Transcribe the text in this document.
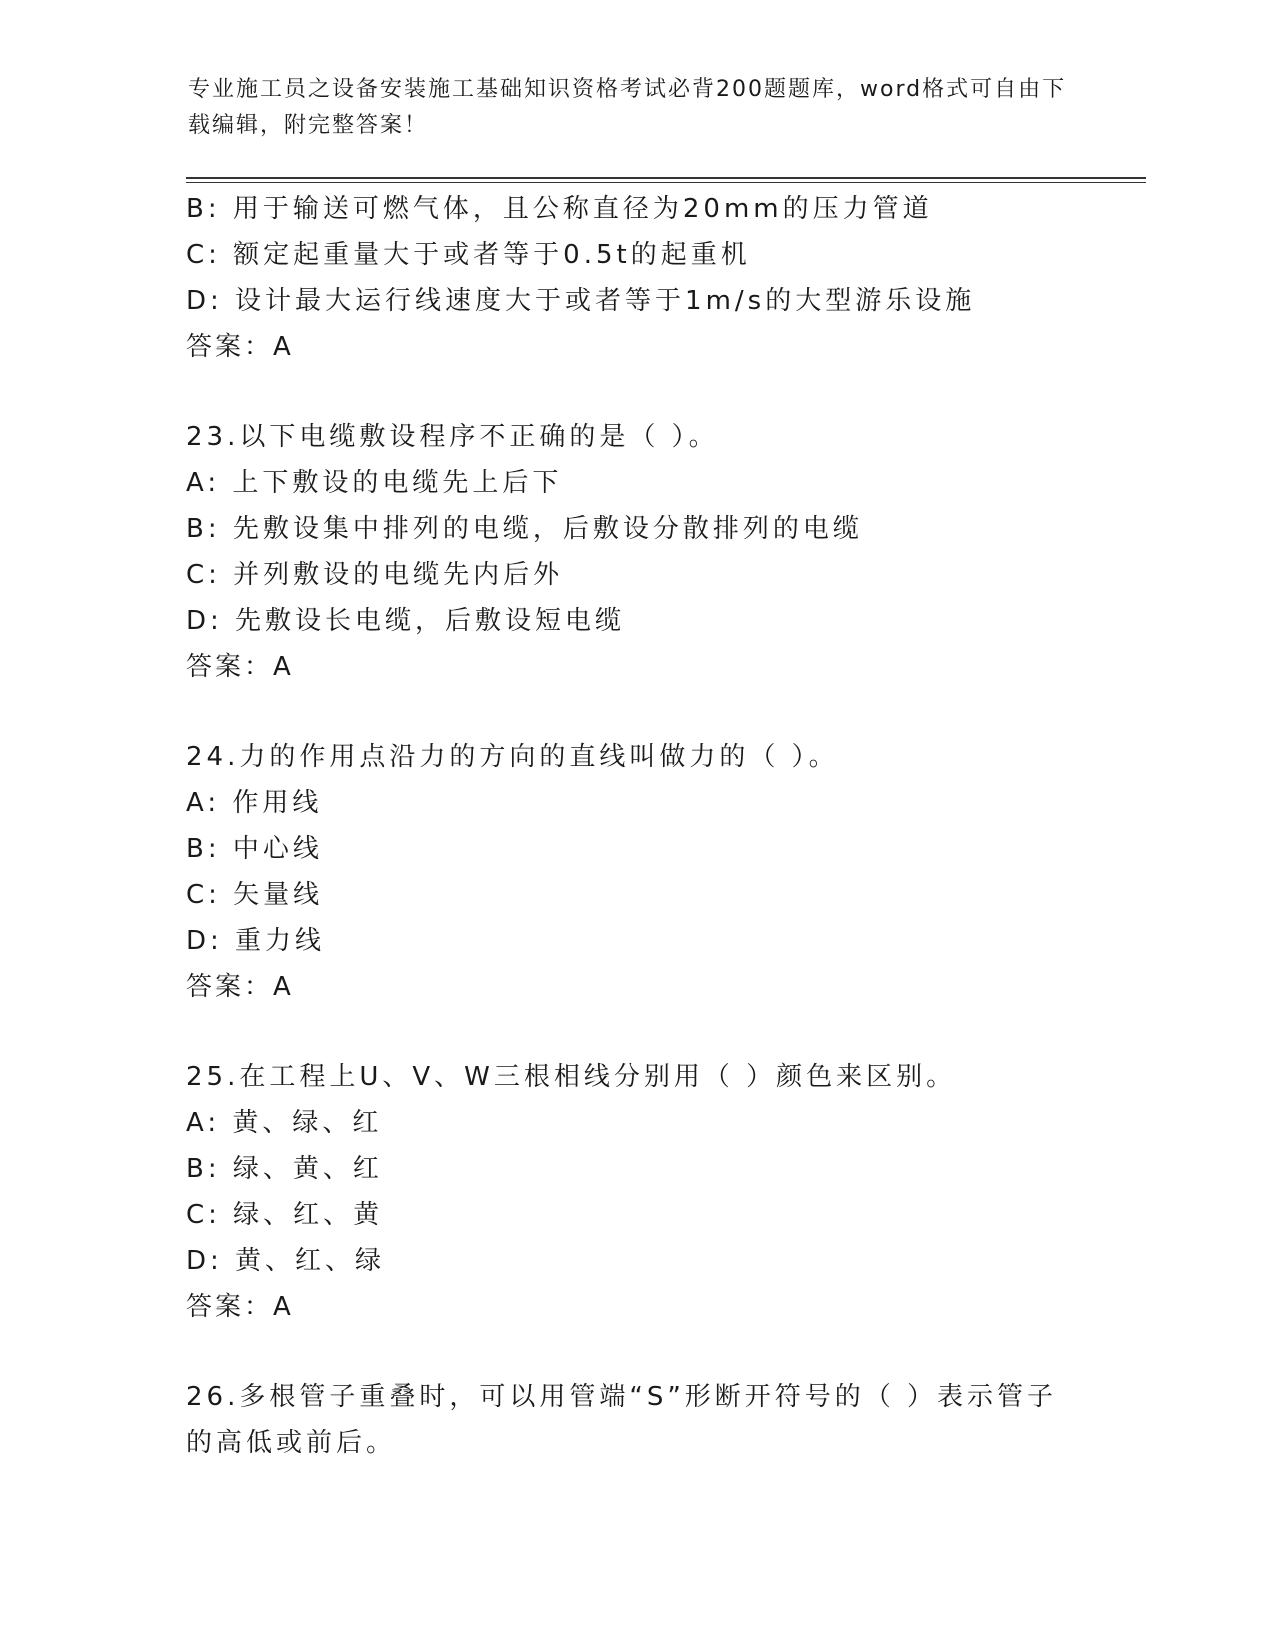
专业施工员之设备安装施工基础知识资格考试必背200题题库，word格式可自由下载编辑，附完整答案！
B: 用于输送可燃气体，且公称直径为20mm的压力管道
C: 额定起重量大于或者等于0.5t的起重机
D: 设计最大运行线速度大于或者等于1m/s的大型游乐设施
答案：A
23.以下电缆敷设程序不正确的是（ ）。
A: 上下敷设的电缆先上后下
B: 先敷设集中排列的电缆，后敷设分散排列的电缆
C: 并列敷设的电缆先内后外
D: 先敷设长电缆，后敷设短电缆
答案：A
24.力的作用点沿力的方向的直线叫做力的（ ）。
A: 作用线
B: 中心线
C: 矢量线
D: 重力线
答案：A
25.在工程上U、V、W三根相线分别用（ ）颜色来区别。
A: 黄、绿、红
B: 绿、黄、红
C: 绿、红、黄
D: 黄、红、绿
答案：A
26.多根管子重叠时，可以用管端“S”形断开符号的（ ）表示管子的高低或前后。
